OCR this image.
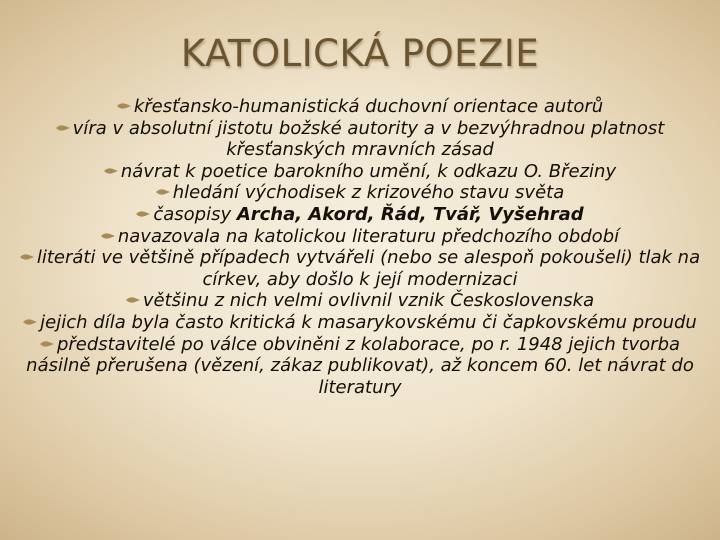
KATOLICKÁ POEZIE
křesťansko-humanistická duchovní orientace autorů
víra v absolutní jistotu božské autority a v bezvýhradnou platnost křesťanských mravních zásad
návrat k poetice barokního umění, k odkazu O. Březiny
hledání východisek z krizového stavu světa
časopisy Archa, Akord, Řád, Tvář, Vyšehrad
navazovala na katolickou literaturu předchozího období
literáti ve většině případech vytvářeli (nebo se alespoň pokoušeli) tlak na církev, aby došlo k její modernizaci
většinu z nich velmi ovlivnil vznik Československa
jejich díla byla často kritická k masarykovskému či čapkovskému proudu
představitelé po válce obviněni z kolaborace, po r. 1948 jejich tvorba násilně přerušena (vězení, zákaz publikovat), až koncem 60. let návrat do literatury
